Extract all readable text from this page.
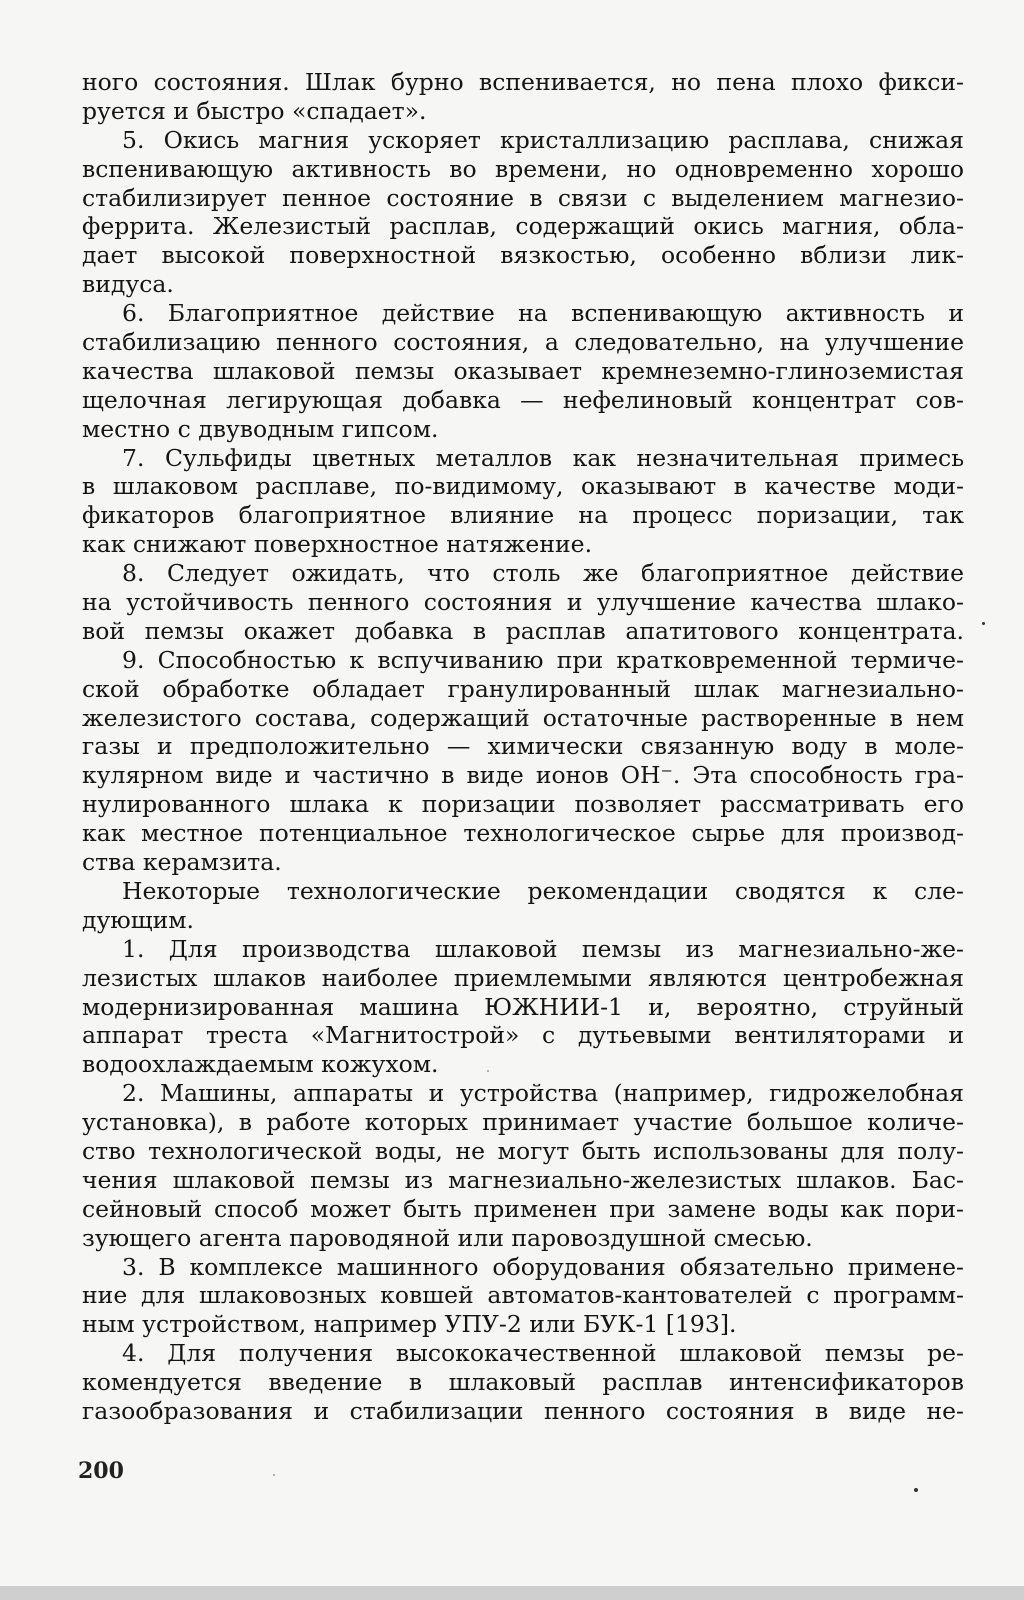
ного состояния. Шлак бурно вспенивается, но пена плохо фикси-
руется и быстро «спадает».
5. Окись магния ускоряет кристаллизацию расплава, снижая
вспенивающую активность во времени, но одновременно хорошо
стабилизирует пенное состояние в связи с выделением магнезио-
феррита. Железистый расплав, содержащий окись магния, обла-
дает высокой поверхностной вязкостью, особенно вблизи лик-
видуса.
6. Благоприятное действие на вспенивающую активность и
стабилизацию пенного состояния, а следовательно, на улучшение
качества шлаковой пемзы оказывает кремнеземно-глиноземистая
щелочная легирующая добавка — нефелиновый концентрат сов-
местно с двуводным гипсом.
7. Сульфиды цветных металлов как незначительная примесь
в шлаковом расплаве, по-видимому, оказывают в качестве моди-
фикаторов благоприятное влияние на процесс поризации, так
как снижают поверхностное натяжение.
8. Следует ожидать, что столь же благоприятное действие
на устойчивость пенного состояния и улучшение качества шлако-
вой пемзы окажет добавка в расплав апатитового концентрата.
9. Способностью к вспучиванию при кратковременной термиче-
ской обработке обладает гранулированный шлак магнезиально-
железистого состава, содержащий остаточные растворенные в нем
газы и предположительно — химически связанную воду в моле-
кулярном виде и частично в виде ионов OH⁻. Эта способность гра-
нулированного шлака к поризации позволяет рассматривать его
как местное потенциальное технологическое сырье для производ-
ства керамзита.
Некоторые технологические рекомендации сводятся к сле-
дующим.
1. Для производства шлаковой пемзы из магнезиально-же-
лезистых шлаков наиболее приемлемыми являются центробежная
модернизированная машина ЮЖНИИ-1 и, вероятно, струйный
аппарат треста «Магнитострой» с дутьевыми вентиляторами и
водоохлаждаемым кожухом.
2. Машины, аппараты и устройства (например, гидрожелобная
установка), в работе которых принимает участие большое количе-
ство технологической воды, не могут быть использованы для полу-
чения шлаковой пемзы из магнезиально-железистых шлаков. Бас-
сейновый способ может быть применен при замене воды как пори-
зующего агента пароводяной или паровоздушной смесью.
3. В комплексе машинного оборудования обязательно примене-
ние для шлаковозных ковшей автоматов-кантователей с программ-
ным устройством, например УПУ-2 или БУК-1 [193].
4. Для получения высококачественной шлаковой пемзы ре-
комендуется введение в шлаковый расплав интенсификаторов
газообразования и стабилизации пенного состояния в виде не-
200
